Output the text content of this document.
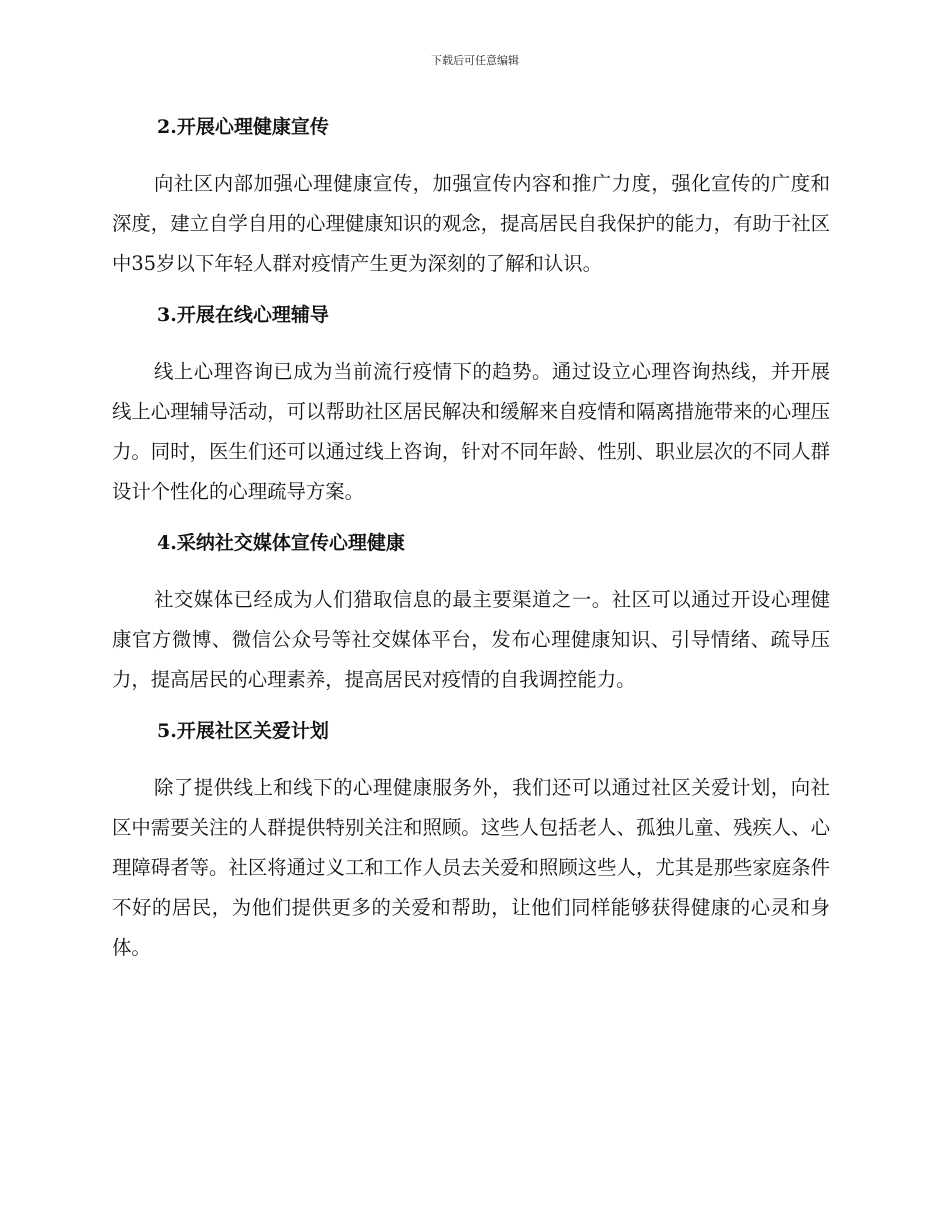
下载后可任意编辑
2.开展心理健康宣传

向社区内部加强心理健康宣传，加强宣传内容和推广力度，强化宣传的广度和深度，建立自学自用的心理健康知识的观念，提高居民自我保护的能力，有助于社区中35岁以下年轻人群对疫情产生更为深刻的了解和认识。

3.开展在线心理辅导

线上心理咨询已成为当前流行疫情下的趋势。通过设立心理咨询热线，并开展线上心理辅导活动，可以帮助社区居民解决和缓解来自疫情和隔离措施带来的心理压力。同时，医生们还可以通过线上咨询，针对不同年龄、性别、职业层次的不同人群设计个性化的心理疏导方案。

4.采纳社交媒体宣传心理健康

社交媒体已经成为人们猎取信息的最主要渠道之一。社区可以通过开设心理健康官方微博、微信公众号等社交媒体平台，发布心理健康知识、引导情绪、疏导压力，提高居民的心理素养，提高居民对疫情的自我调控能力。

5.开展社区关爱计划

除了提供线上和线下的心理健康服务外，我们还可以通过社区关爱计划，向社区中需要关注的人群提供特别关注和照顾。这些人包括老人、孤独儿童、残疾人、心理障碍者等。社区将通过义工和工作人员去关爱和照顾这些人，尤其是那些家庭条件不好的居民，为他们提供更多的关爱和帮助，让他们同样能够获得健康的心灵和身体。
